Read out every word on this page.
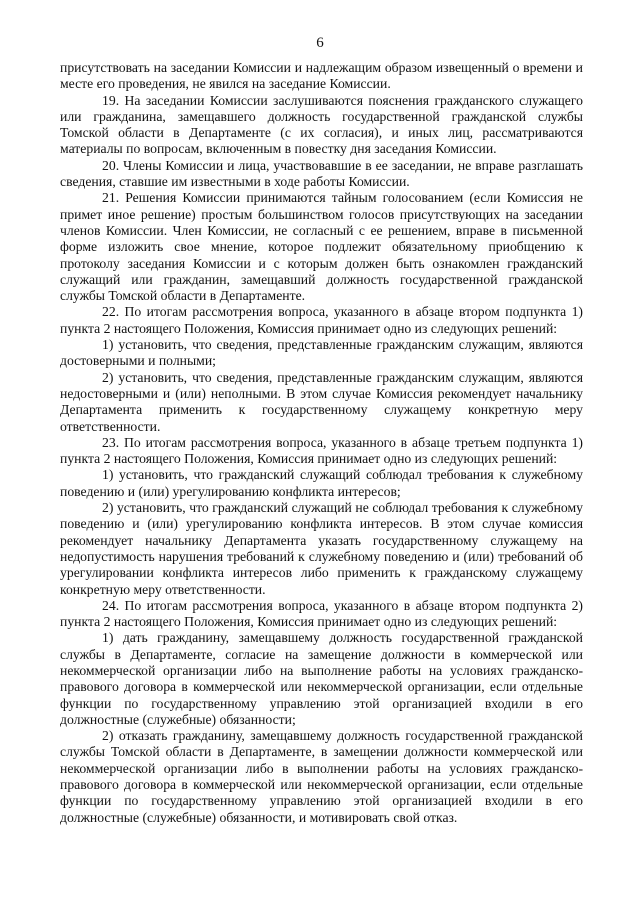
6

присутствовать на заседании Комиссии и надлежащим образом извещенный о времени и месте его проведения, не явился на заседание Комиссии.

19. На заседании Комиссии заслушиваются пояснения гражданского служащего или гражданина, замещавшего должность государственной гражданской службы Томской области в Департаменте (с их согласия), и иных лиц, рассматриваются материалы по вопросам, включенным в повестку дня заседания Комиссии.

20. Члены Комиссии и лица, участвовавшие в ее заседании, не вправе разглашать сведения, ставшие им известными в ходе работы Комиссии.

21. Решения Комиссии принимаются тайным голосованием (если Комиссия не примет иное решение) простым большинством голосов присутствующих на заседании членов Комиссии. Член Комиссии, не согласный с ее решением, вправе в письменной форме изложить свое мнение, которое подлежит обязательному приобщению к протоколу заседания Комиссии и с которым должен быть ознакомлен гражданский служащий или гражданин, замещавший должность государственной гражданской службы Томской области в Департаменте.

22. По итогам рассмотрения вопроса, указанного в абзаце втором подпункта 1) пункта 2 настоящего Положения, Комиссия принимает одно из следующих решений:

1) установить, что сведения, представленные гражданским служащим, являются достоверными и полными;

2) установить, что сведения, представленные гражданским служащим, являются недостоверными и (или) неполными. В этом случае Комиссия рекомендует начальнику Департамента применить к государственному служащему конкретную меру ответственности.

23. По итогам рассмотрения вопроса, указанного в абзаце третьем подпункта 1) пункта 2 настоящего Положения, Комиссия принимает одно из следующих решений:

1) установить, что гражданский служащий соблюдал требования к служебному поведению и (или) урегулированию конфликта интересов;

2) установить, что гражданский служащий не соблюдал требования к служебному поведению и (или) урегулированию конфликта интересов. В этом случае комиссия рекомендует начальнику Департамента указать государственному служащему на недопустимость нарушения требований к служебному поведению и (или) требований об урегулировании конфликта интересов либо применить к гражданскому служащему конкретную меру ответственности.

24. По итогам рассмотрения вопроса, указанного в абзаце втором подпункта 2) пункта 2 настоящего Положения, Комиссия принимает одно из следующих решений:

1) дать гражданину, замещавшему должность государственной гражданской службы в Департаменте, согласие на замещение должности в коммерческой или некоммерческой организации либо на выполнение работы на условиях гражданско-правового договора в коммерческой или некоммерческой организации, если отдельные функции по государственному управлению этой организацией входили в его должностные (служебные) обязанности;

2) отказать гражданину, замещавшему должность государственной гражданской службы Томской области в Департаменте, в замещении должности коммерческой или некоммерческой организации либо в выполнении работы на условиях гражданско-правового договора в коммерческой или некоммерческой организации, если отдельные функции по государственному управлению этой организацией входили в его должностные (служебные) обязанности, и мотивировать свой отказ.
